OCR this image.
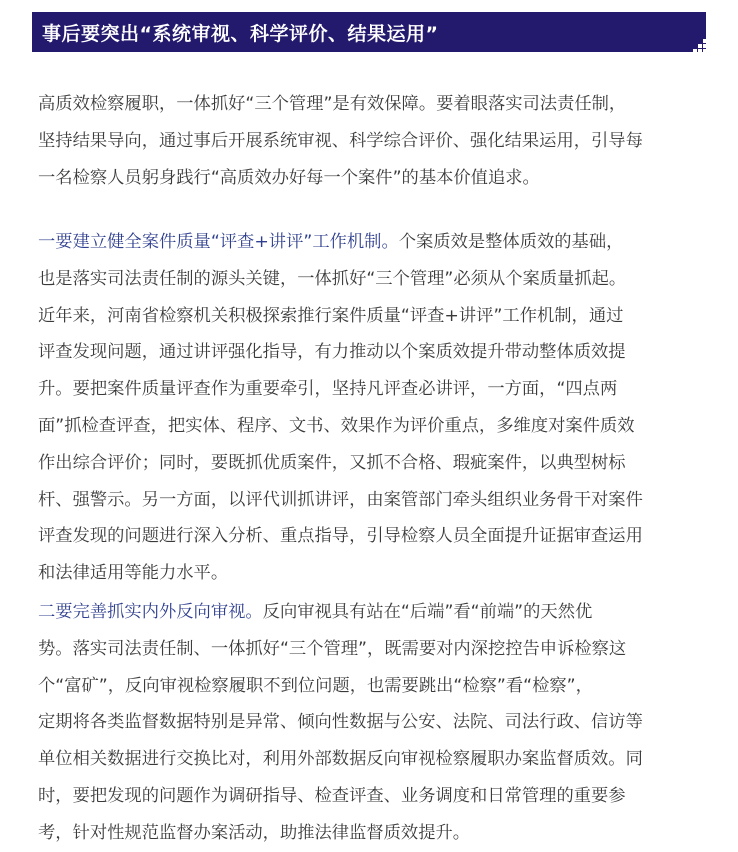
事后要突出“系统审视、科学评价、结果运用”
高质效检察履职，一体抓好“三个管理”是有效保障。要着眼落实司法责任制，
坚持结果导向，通过事后开展系统审视、科学综合评价、强化结果运用，引导每
一名检察人员躬身践行“高质效办好每一个案件”的基本价值追求。
一要建立健全案件质量“评查+讲评”工作机制。个案质效是整体质效的基础，
也是落实司法责任制的源头关键，一体抓好“三个管理”必须从个案质量抓起。
近年来，河南省检察机关积极探索推行案件质量“评查+讲评”工作机制，通过
评查发现问题，通过讲评强化指导，有力推动以个案质效提升带动整体质效提
升。要把案件质量评查作为重要牵引，坚持凡评查必讲评，一方面，“四点两
面”抓检查评查，把实体、程序、文书、效果作为评价重点，多维度对案件质效
作出综合评价；同时，要既抓优质案件，又抓不合格、瑕疵案件，以典型树标
杆、强警示。另一方面，以评代训抓讲评，由案管部门牵头组织业务骨干对案件
评查发现的问题进行深入分析、重点指导，引导检察人员全面提升证据审查运用
和法律适用等能力水平。
二要完善抓实内外反向审视。反向审视具有站在“后端”看“前端”的天然优
势。落实司法责任制、一体抓好“三个管理”，既需要对内深挖控告申诉检察这
个“富矿”，反向审视检察履职不到位问题，也需要跳出“检察”看“检察”，
定期将各类监督数据特别是异常、倾向性数据与公安、法院、司法行政、信访等
单位相关数据进行交换比对，利用外部数据反向审视检察履职办案监督质效。同
时，要把发现的问题作为调研指导、检查评查、业务调度和日常管理的重要参
考，针对性规范监督办案活动，助推法律监督质效提升。
